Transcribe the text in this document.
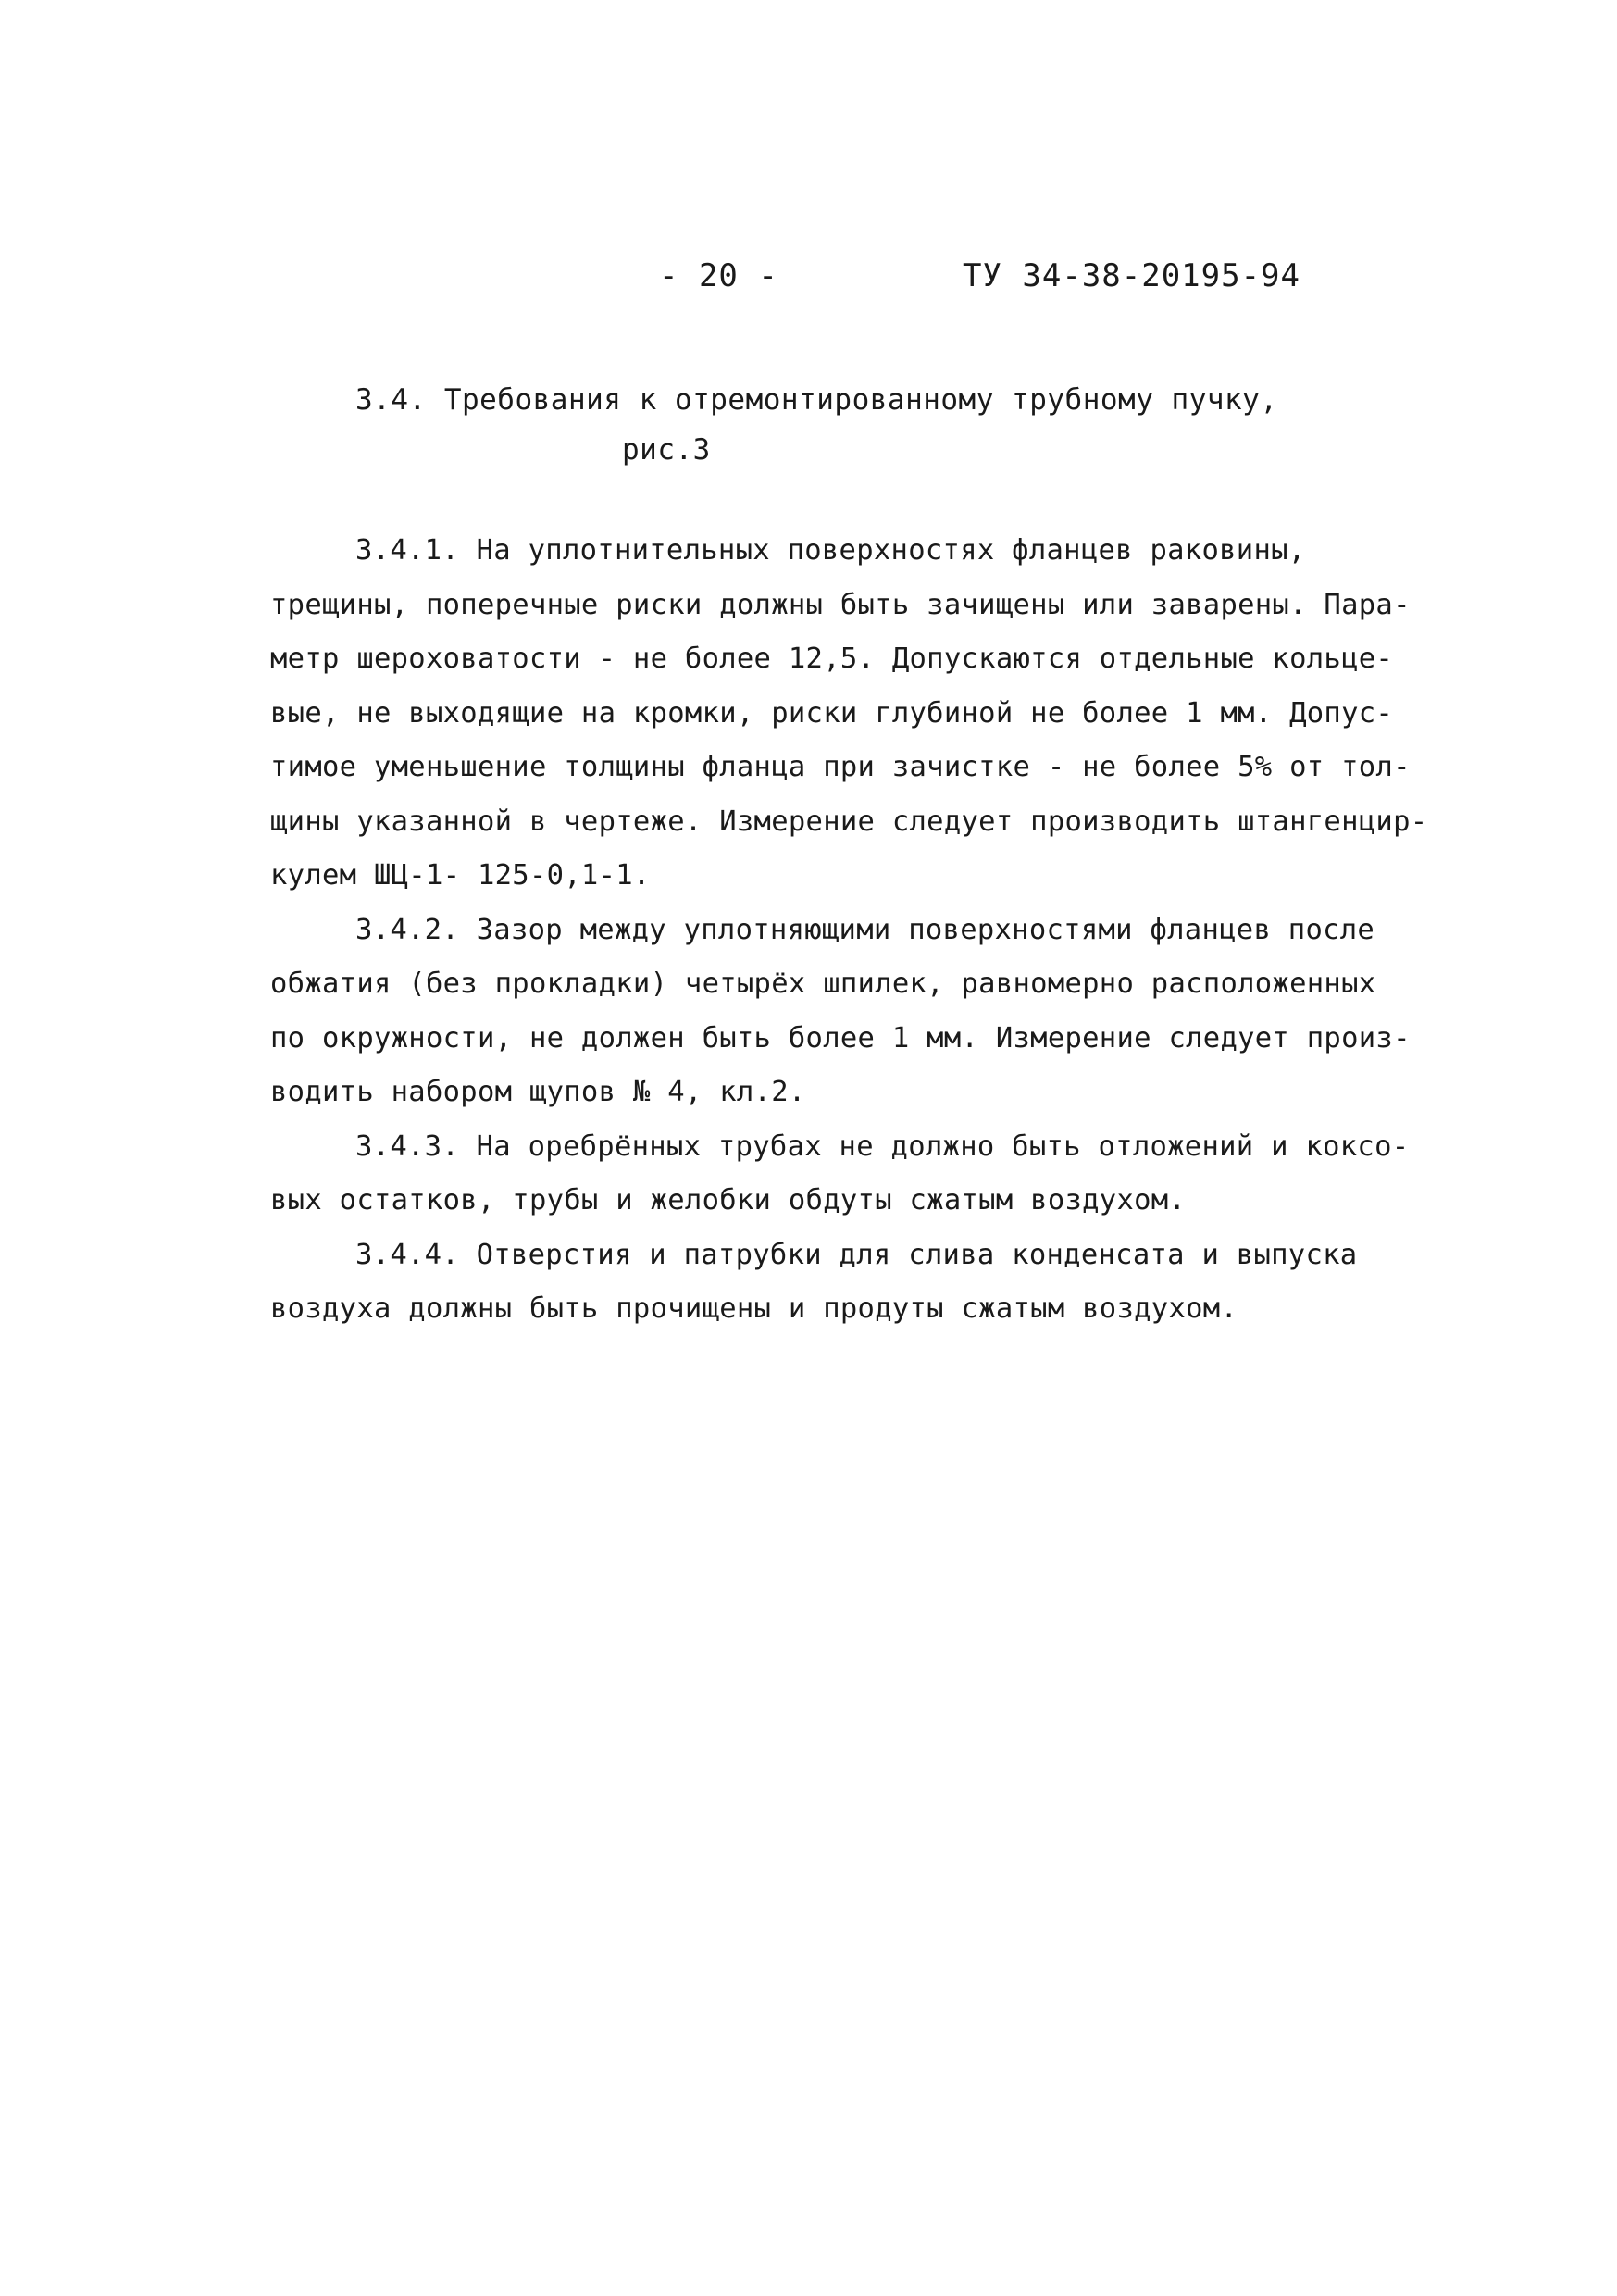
- 20 -	ТУ 34-38-20195-94
3.4. Требования к отремонтированному трубному пучку,
рис.3
3.4.1. На уплотнительных поверхностях фланцев раковины,
трещины, поперечные риски должны быть зачищены или заварены. Пара-
метр шероховатости - не более 12,5. Допускаются отдельные кольце-
вые, не выходящие на кромки, риски глубиной не более 1 мм. Допус-
тимое уменьшение толщины фланца при зачистке - не более 5% от тол-
щины указанной в чертеже. Измерение следует производить штангенцир-
кулем ШЦ-1- 125-0,1-1.
3.4.2. Зазор между уплотняющими поверхностями фланцев после
обжатия (без прокладки) четырёх шпилек, равномерно расположенных
по окружности, не должен быть более 1 мм. Измерение следует произ-
водить набором щупов № 4, кл.2.
3.4.3. На оребрённых трубах не должно быть отложений и коксо-
вых остатков, трубы и желобки обдуты сжатым воздухом.
3.4.4. Отверстия и патрубки для слива конденсата и выпуска
воздуха должны быть прочищены и продуты сжатым воздухом.
